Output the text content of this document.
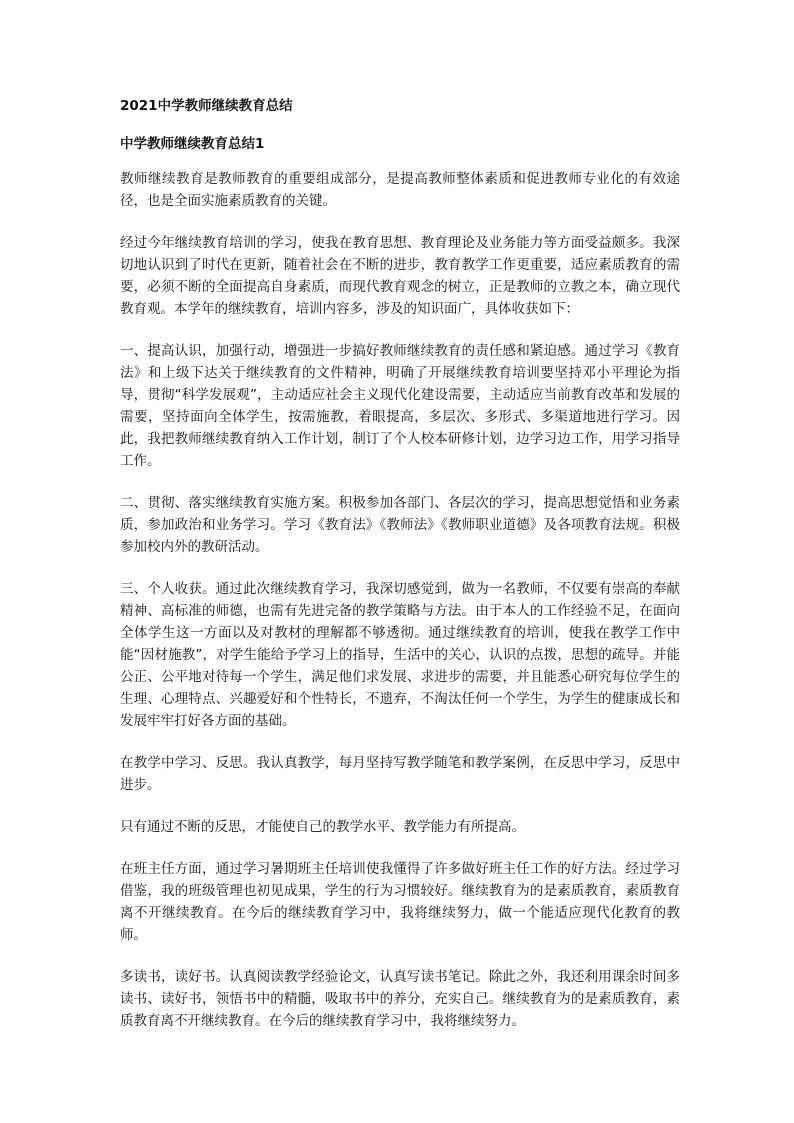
2021中学教师继续教育总结
中学教师继续教育总结1

教师继续教育是教师教育的重要组成部分，是提高教师整体素质和促进教师专业化的有效途径，也是全面实施素质教育的关键。

经过今年继续教育培训的学习，使我在教育思想、教育理论及业务能力等方面受益颇多。我深切地认识到了时代在更新，随着社会在不断的进步，教育教学工作更重要，适应素质教育的需要，必须不断的全面提高自身素质，而现代教育观念的树立，正是教师的立教之本，确立现代教育观。本学年的继续教育，培训内容多，涉及的知识面广，具体收获如下：

一、提高认识，加强行动，增强进一步搞好教师继续教育的责任感和紧迫感。通过学习《教育法》和上级下达关于继续教育的文件精神，明确了开展继续教育培训要坚持邓小平理论为指导，贯彻“科学发展观”，主动适应社会主义现代化建设需要，主动适应当前教育改革和发展的需要，坚持面向全体学生，按需施教，着眼提高，多层次、多形式、多渠道地进行学习。因此，我把教师继续教育纳入工作计划，制订了个人校本研修计划，边学习边工作，用学习指导工作。

二、贯彻、落实继续教育实施方案。积极参加各部门、各层次的学习，提高思想觉悟和业务素质，参加政治和业务学习。学习《教育法》《教师法》《教师职业道德》及各项教育法规。积极参加校内外的教研活动。

三、个人收获。通过此次继续教育学习，我深切感觉到，做为一名教师，不仅要有崇高的奉献精神、高标准的师德，也需有先进完备的教学策略与方法。由于本人的工作经验不足，在面向全体学生这一方面以及对教材的理解都不够透彻。通过继续教育的培训，使我在教学工作中能“因材施教”，对学生能给予学习上的指导，生活中的关心，认识的点拨，思想的疏导。并能公正、公平地对待每一个学生，满足他们求发展、求进步的需要，并且能悉心研究每位学生的生理、心理特点、兴趣爱好和个性特长，不遗弃，不淘汰任何一个学生，为学生的健康成长和发展牢牢打好各方面的基础。

在教学中学习、反思。我认真教学，每月坚持写教学随笔和教学案例，在反思中学习，反思中进步。

只有通过不断的反思，才能使自己的教学水平、教学能力有所提高。

在班主任方面，通过学习暑期班主任培训使我懂得了许多做好班主任工作的好方法。经过学习借鉴，我的班级管理也初见成果，学生的行为习惯较好。继续教育为的是素质教育，素质教育离不开继续教育。在今后的继续教育学习中，我将继续努力，做一个能适应现代化教育的教师。

多读书，读好书。认真阅读教学经验论文，认真写读书笔记。除此之外，我还利用课余时间多读书、读好书，领悟书中的精髓，吸取书中的养分，充实自己。继续教育为的是素质教育，素质教育离不开继续教育。在今后的继续教育学习中，我将继续努力。
